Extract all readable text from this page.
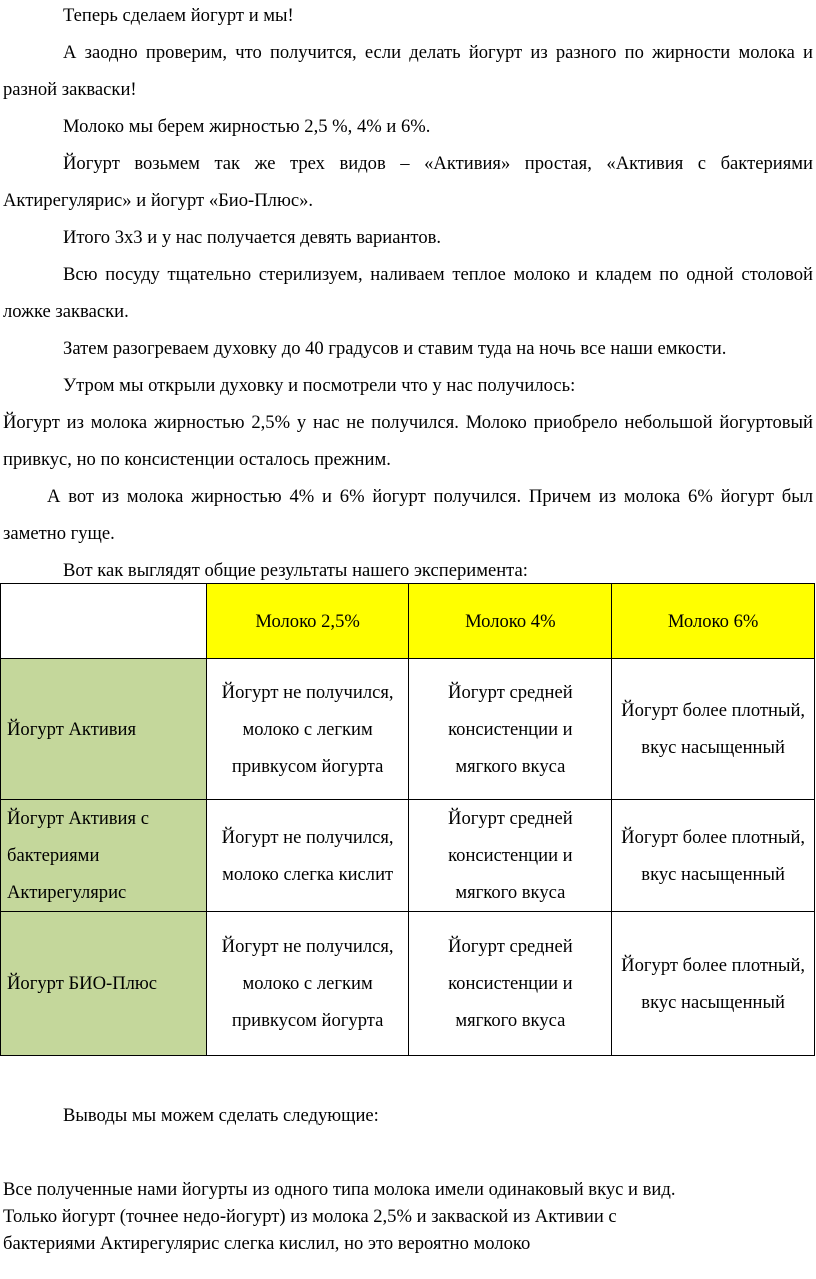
Теперь сделаем йогурт и мы!

А заодно проверим, что получится, если делать йогурт из разного по жирности молока и разной закваски!

Молоко мы берем жирностью 2,5 %, 4% и 6%.

Йогурт возьмем так же трех видов – «Активия» простая, «Активия с бактериями Актирегулярис» и йогурт «Био-Плюс».

Итого 3х3 и у нас получается девять вариантов.

Всю посуду тщательно стерилизуем, наливаем теплое молоко и кладем по одной столовой ложке закваски.

Затем разогреваем духовку до 40 градусов и ставим туда на ночь все наши емкости.

Утром мы открыли духовку и посмотрели что у нас получилось:

Йогурт из молока жирностью 2,5% у нас не получился. Молоко приобрело небольшой йогуртовый привкус, но по консистенции осталось прежним.

А вот из молока жирностью 4% и 6% йогурт получился. Причем из молока 6% йогурт был заметно гуще.

Вот как выглядят общие результаты нашего эксперимента:

	Молоко 2,5%	Молоко 4%	Молоко 6%
Йогурт Активия	Йогурт не получился, молоко с легким привкусом йогурта	Йогурт средней консистенции и мягкого вкуса	Йогурт более плотный, вкус насыщенный
Йогурт Активия с бактериями Актирегулярис	Йогурт не получился, молоко слегка кислит	Йогурт средней консистенции и мягкого вкуса	Йогурт более плотный, вкус насыщенный
Йогурт БИО-Плюс	Йогурт не получился, молоко с легким привкусом йогурта	Йогурт средней консистенции и мягкого вкуса	Йогурт более плотный, вкус насыщенный

Выводы мы можем сделать следующие:

Все полученные нами йогурты из одного типа молока имели одинаковый вкус и вид.

Только йогурт (точнее недо-йогурт) из молока 2,5% и закваской из Активии с

бактериями Актирегулярис слегка кислил, но это вероятно молоко
